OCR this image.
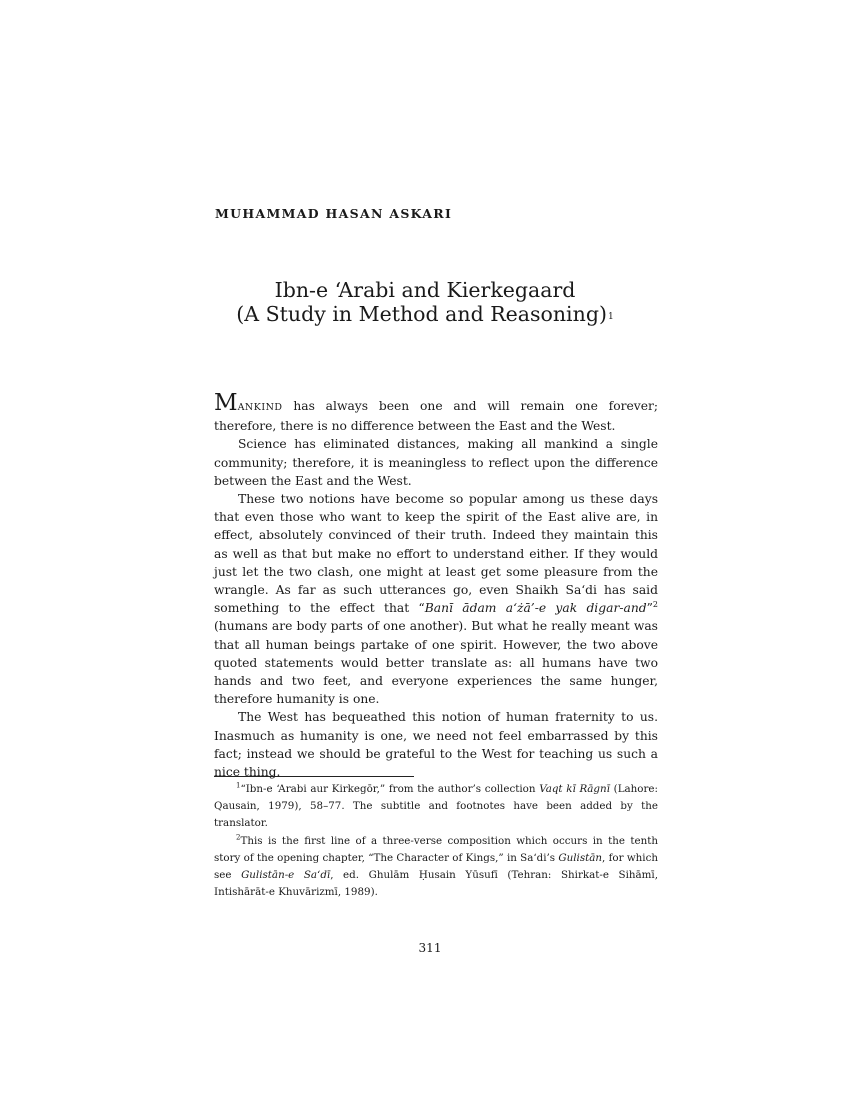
MUHAMMAD HASAN ASKARI
Ibn-e ‘Arabi and Kierkegaard
(A Study in Method and Reasoning)$^1$

MANKIND has always been one and will remain one forever; therefore, there is no difference between the East and the West.

Science has eliminated distances, making all mankind a single community; therefore, it is meaningless to reflect upon the difference between the East and the West.

These two notions have become so popular among us these days that even those who want to keep the spirit of the East alive are, in effect, absolutely convinced of their truth. Indeed they maintain this as well as that but make no effort to understand either. If they would just let the two clash, one might at least get some pleasure from the wrangle. As far as such utterances go, even Shaikh Sa‘di has said something to the effect that “Banī ādam a‘żā’-e yak digar-and”$^2$ (humans are body parts of one another). But what he really meant was that all human beings partake of one spirit. However, the two above quoted statements would better translate as: all humans have two hands and two feet, and everyone experiences the same hunger, therefore humanity is one.

The West has bequeathed this notion of human fraternity to us. Inasmuch as humanity is one, we need not feel embarrassed by this fact; instead we should be grateful to the West for teaching us such a nice thing.

$^1$“Ibn-e ‘Arabi aur Kirkegōr,” from the author’s collection Vaqt kī Rāgnī (Lahore: Qausain, 1979), 58–77. The subtitle and footnotes have been added by the translator.

$^2$This is the first line of a three-verse composition which occurs in the tenth story of the opening chapter, “The Character of Kings,” in Sa‘di’s Gulistān, for which see Gulistān-e Sa‘dī, ed. Ghulām Ḥusain Yūsufī (Tehran: Shirkat-e Sihāmī, Intishārāt-e Khuvārizmī, 1989).

311
